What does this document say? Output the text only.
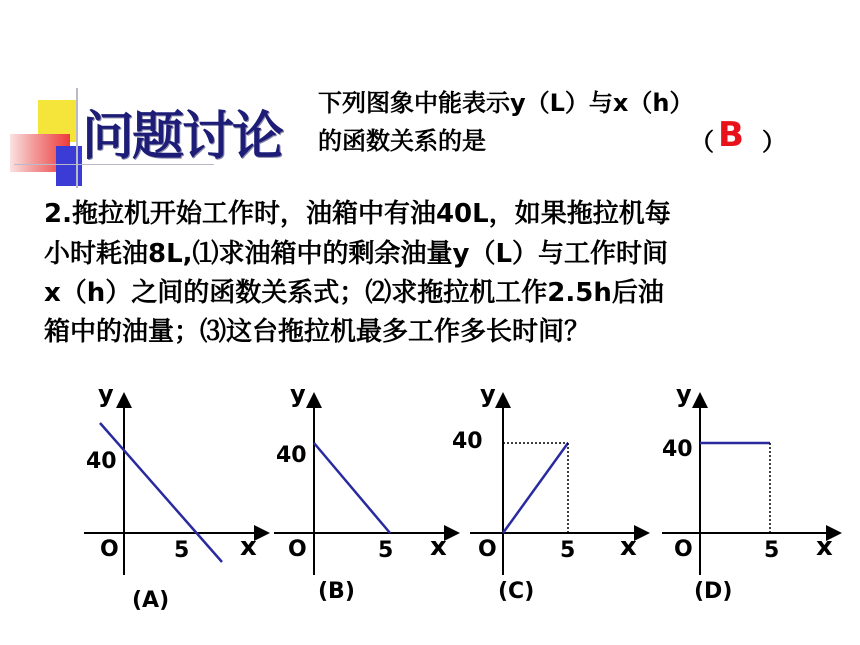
问题讨论
下列图象中能表示y（L）与x（h）
的函数关系的是	（ B ）
2.拖拉机开始工作时，油箱中有油40L，如果拖拉机每
小时耗油8L,⑴求油箱中的剩余油量y（L）与工作时间
x（h）之间的函数关系式；⑵求拖拉机工作2.5h后油
箱中的油量；⑶这台拖拉机最多工作多长时间？
y
40
O	5 x
(A)
y
40
O	5 x
(B)
y
40
O	5 x
(C)
y
40
O	5 x
(D)
